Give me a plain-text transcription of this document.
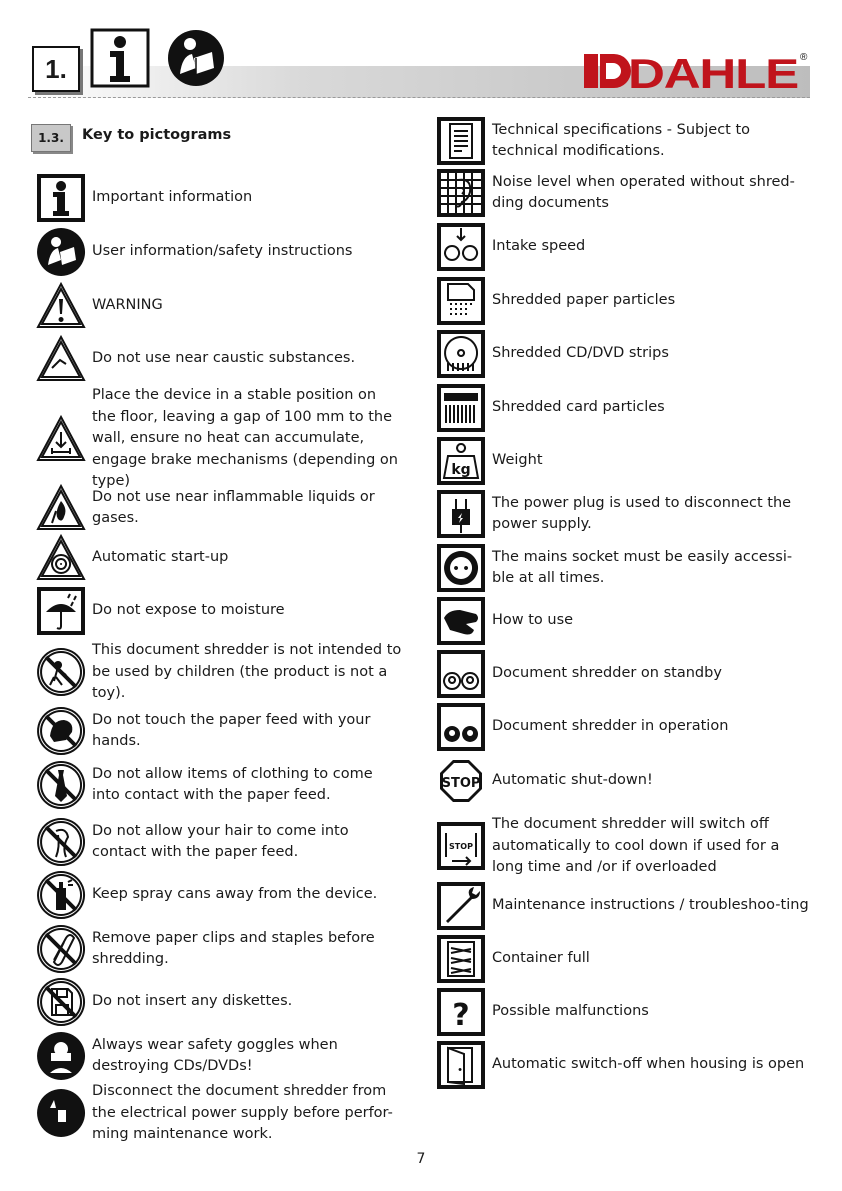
1.	DAHLE ®
1.3.	Key to pictograms
Important information
User information/safety instructions
WARNING
Do not use near caustic substances.
Place the device in a stable position on the floor, leaving a gap of 100 mm to the wall, ensure no heat can accumulate, engage brake mechanisms (depending on type)
Do not use near inflammable liquids or gases.
Automatic start-up
Do not expose to moisture
This document shredder is not intended to be used by children (the product is not a toy).
Do not touch the paper feed with your hands.
Do not allow items of clothing to come into contact with the paper feed.
Do not allow your hair to come into contact with the paper feed.
Keep spray cans away from the device.
Remove paper clips and staples before shredding.
Do not insert any diskettes.
Always wear safety goggles when destroying CDs/DVDs!
Disconnect the document shredder from the electrical power supply before perfor-ming maintenance work.
Technical specifications - Subject to technical modifications.
Noise level when operated without shred-ding documents
Intake speed
Shredded paper particles
Shredded CD/DVD strips
Shredded card particles
kg
Weight
The power plug is used to disconnect the power supply.
The mains socket must be easily accessi-ble at all times.
How to use
Document shredder on standby
Document shredder in operation
STOP Automatic shut-down!
STOP
The document shredder will switch off automatically to cool down if used for a long time and /or if overloaded
Maintenance instructions / troubleshoo-ting
Container full
? Possible malfunctions
Automatic switch-off when housing is open
7
